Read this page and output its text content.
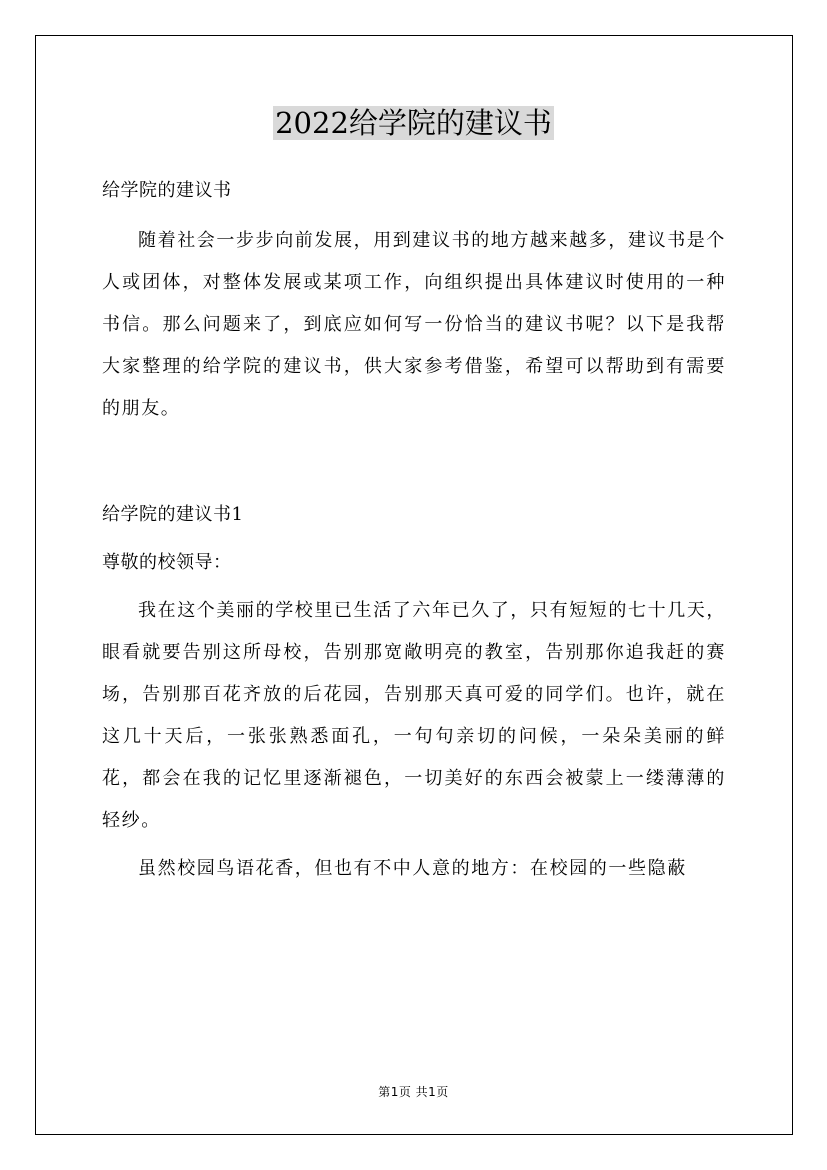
2022给学院的建议书

给学院的建议书

随着社会一步步向前发展，用到建议书的地方越来越多，建议书是个人或团体，对整体发展或某项工作，向组织提出具体建议时使用的一种书信。那么问题来了，到底应如何写一份恰当的建议书呢？以下是我帮大家整理的给学院的建议书，供大家参考借鉴，希望可以帮助到有需要的朋友。

给学院的建议书1

尊敬的校领导：

我在这个美丽的学校里已生活了六年已久了，只有短短的七十几天，眼看就要告别这所母校，告别那宽敞明亮的教室，告别那你追我赶的赛场，告别那百花齐放的后花园，告别那天真可爱的同学们。也许，就在这几十天后，一张张熟悉面孔，一句句亲切的问候，一朵朵美丽的鲜花，都会在我的记忆里逐渐褪色，一切美好的东西会被蒙上一缕薄薄的轻纱。

虽然校园鸟语花香，但也有不中人意的地方：在校园的一些隐蔽

第1页 共1页
